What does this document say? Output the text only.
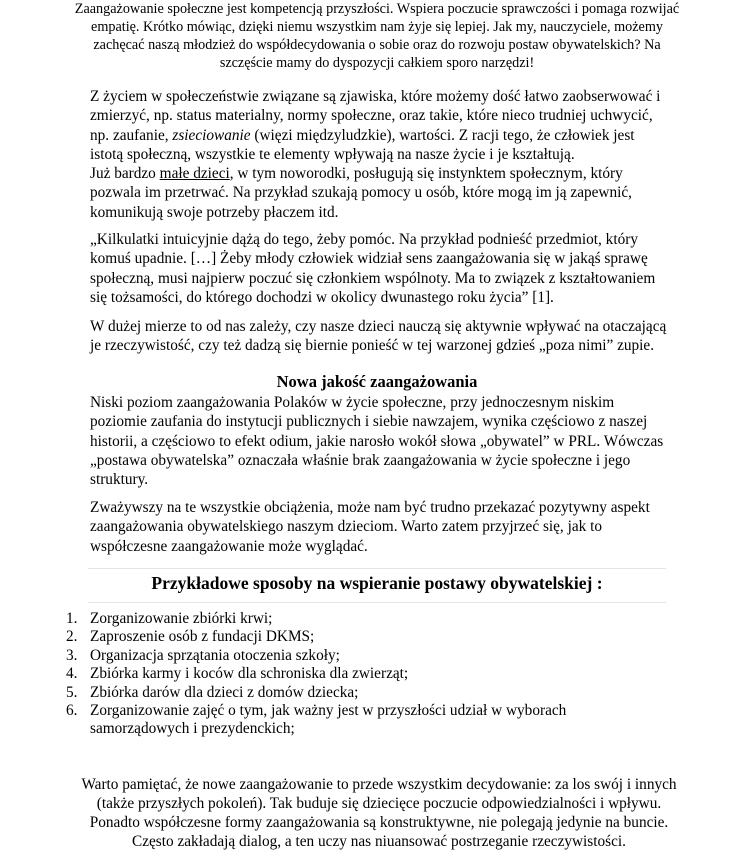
Zaangażowanie społeczne jest kompetencją przyszłości. Wspiera poczucie sprawczości i pomaga rozwijać empatię. Krótko mówiąc, dzięki niemu wszystkim nam żyje się lepiej. Jak my, nauczyciele, możemy zachęcać naszą młodzież do współdecydowania o sobie oraz do rozwoju postaw obywatelskich? Na szczęście mamy do dyspozycji całkiem sporo narzędzi!

Z życiem w społeczeństwie związane są zjawiska, które możemy dość łatwo zaobserwować i zmierzyć, np. status materialny, normy społeczne, oraz takie, które nieco trudniej uchwycić, np. zaufanie, zsieciowanie (więzi międzyludzkie), wartości. Z racji tego, że człowiek jest istotą społeczną, wszystkie te elementy wpływają na nasze życie i je kształtują.
Już bardzo małe dzieci, w tym noworodki, posługują się instynktem społecznym, który pozwala im przetrwać. Na przykład szukają pomocy u osób, które mogą im ją zapewnić, komunikują swoje potrzeby płaczem itd.

„Kilkulatki intuicyjnie dążą do tego, żeby pomóc. Na przykład podnieść przedmiot, który komuś upadnie. […] Żeby młody człowiek widział sens zaangażowania się w jakąś sprawę społeczną, musi najpierw poczuć się członkiem wspólnoty. Ma to związek z kształtowaniem się tożsamości, do którego dochodzi w okolicy dwunastego roku życia” [1].

W dużej mierze to od nas zależy, czy nasze dzieci nauczą się aktywnie wpływać na otaczającą je rzeczywistość, czy też dadzą się biernie ponieść w tej warzonej gdzieś „poza nimi” zupie.

Nowa jakość zaangażowania

Niski poziom zaangażowania Polaków w życie społeczne, przy jednoczesnym niskim poziomie zaufania do instytucji publicznych i siebie nawzajem, wynika częściowo z naszej historii, a częściowo to efekt odium, jakie narosło wokół słowa „obywatel” w PRL. Wówczas „postawa obywatelska” oznaczała właśnie brak zaangażowania w życie społeczne i jego struktury.

Zważywszy na te wszystkie obciążenia, może nam być trudno przekazać pozytywny aspekt zaangażowania obywatelskiego naszym dzieciom. Warto zatem przyjrzeć się, jak to współczesne zaangażowanie może wyglądać.

Przykładowe sposoby na wspieranie postawy obywatelskiej :
1. Zorganizowanie zbiórki krwi;
2. Zaproszenie osób z fundacji DKMS;
3. Organizacja sprzątania otoczenia szkoły;
4. Zbiórka karmy i koców dla schroniska dla zwierząt;
5. Zbiórka darów dla dzieci z domów dziecka;
6. Zorganizowanie zajęć o tym, jak ważny jest w przyszłości udział w wyborach samorządowych i prezydenckich;

Warto pamiętać, że nowe zaangażowanie to przede wszystkim decydowanie: za los swój i innych (także przyszłych pokoleń). Tak buduje się dziecięce poczucie odpowiedzialności i wpływu. Ponadto współczesne formy zaangażowania są konstruktywne, nie polegają jedynie na buncie. Często zakładają dialog, a ten uczy nas niuansować postrzeganie rzeczywistości.
